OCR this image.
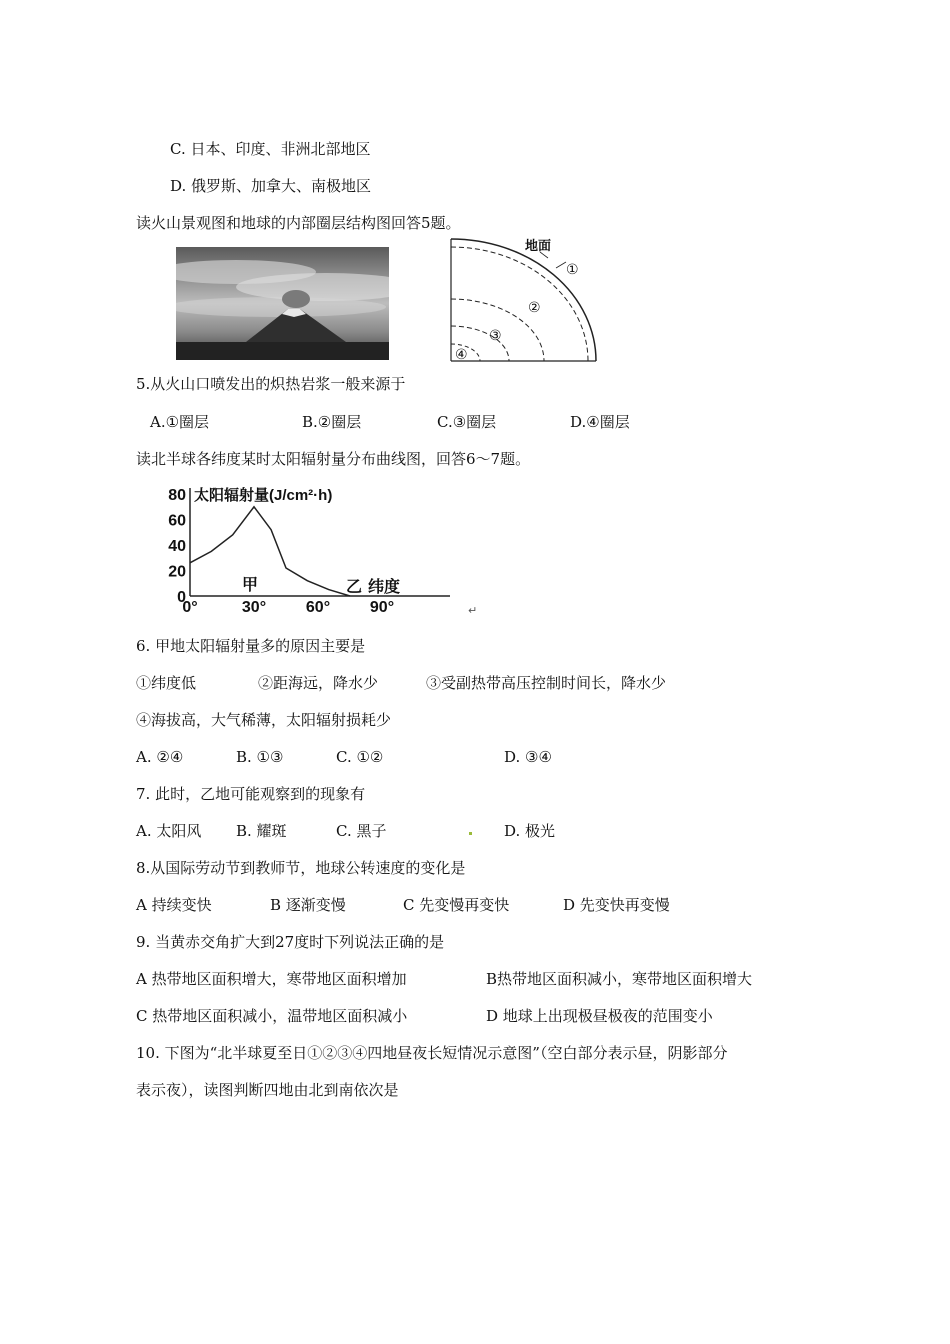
C. 日本、印度、非洲北部地区
D. 俄罗斯、加拿大、南极地区
读火山景观图和地球的内部圈层结构图回答5题。
地面
①
②
③
④
5.从火山口喷发出的炽热岩浆一般来源于
A.①圈层	B.②圈层	C.③圈层	D.④圈层
读北半球各纬度某时太阳辐射量分布曲线图，回答6～7题。
0
20
40
60
80
0°	30° 60° 90°
太阳辐射量(J/cm²·h)
纬度
甲	乙
↵
6. 甲地太阳辐射量多的原因主要是
①纬度低	②距海远，降水少	③受副热带高压控制时间长，降水少
④海拔高，大气稀薄，太阳辐射损耗少
A. ②④	B. ①③	C. ①②	D. ③④
7. 此时，乙地可能观察到的现象有
A. 太阳风 B. 耀斑	C. 黑子	D. 极光
8.从国际劳动节到教师节，地球公转速度的变化是
A 持续变快	B 逐渐变慢	C 先变慢再变快	D 先变快再变慢
9. 当黄赤交角扩大到27度时下列说法正确的是
A 热带地区面积增大，寒带地区面积增加	B热带地区面积减小，寒带地区面积增大
C 热带地区面积减小，温带地区面积减小	D 地球上出现极昼极夜的范围变小
10. 下图为“北半球夏至日①②③④四地昼夜长短情况示意图”（空白部分表示昼，阴影部分
表示夜），读图判断四地由北到南依次是
